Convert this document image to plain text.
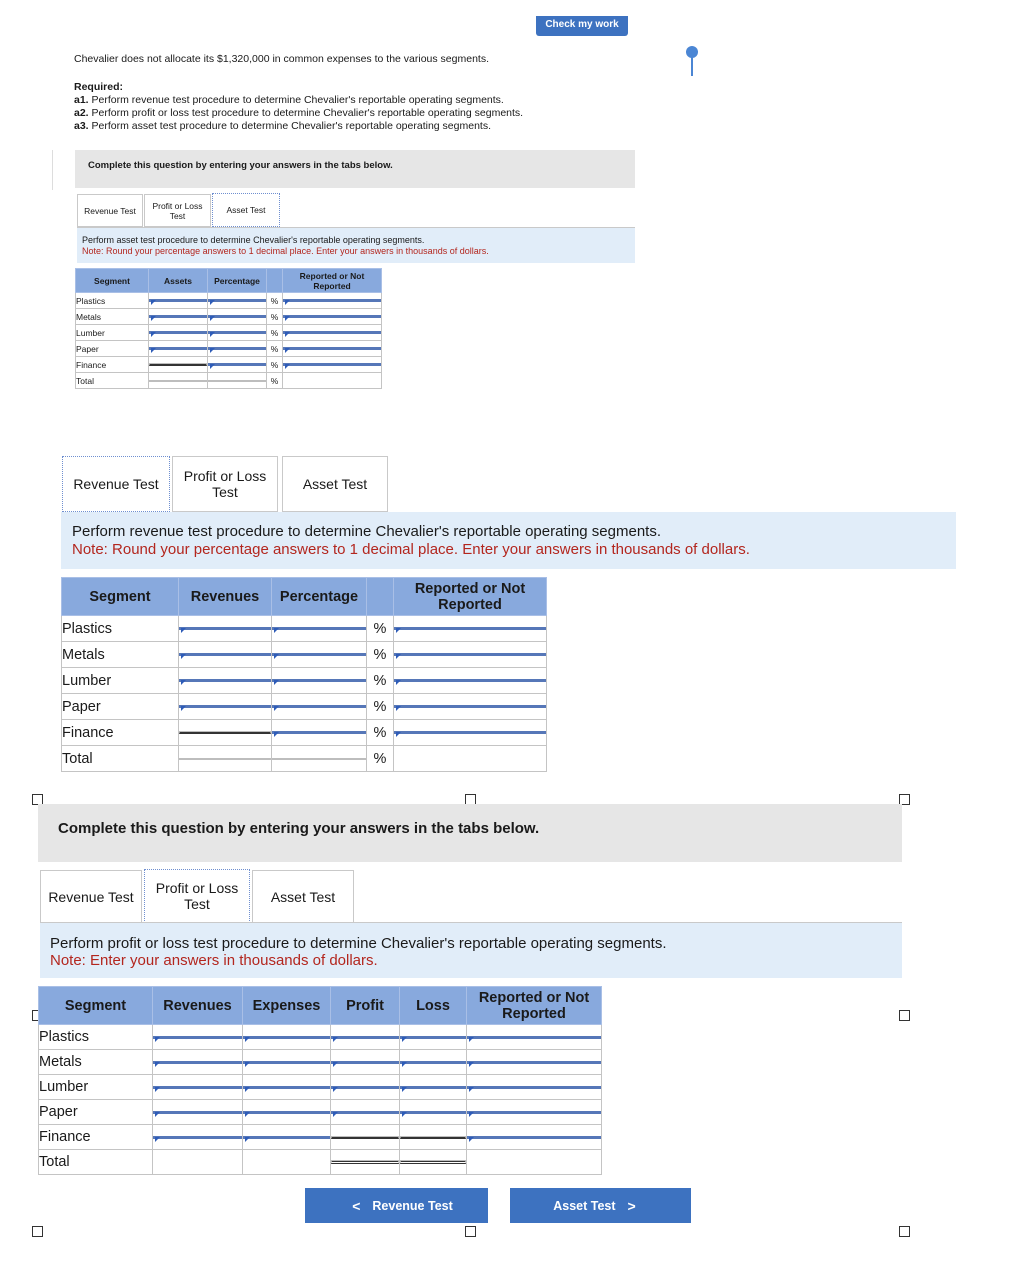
Check my work
Chevalier does not allocate its $1,320,000 in common expenses to the various segments.
Required:
a1. Perform revenue test procedure to determine Chevalier's reportable operating segments.
a2. Perform profit or loss test procedure to determine Chevalier's reportable operating segments.
a3. Perform asset test procedure to determine Chevalier's reportable operating segments.
Complete this question by entering your answers in the tabs below.
Revenue Test	Profit or Loss
Test
Asset Test
Perform asset test procedure to determine Chevalier's reportable operating segments.
Note: Round your percentage answers to 1 decimal place. Enter your answers in thousands of dollars.
Segment	Assets	Percentage		Reported or Not Reported
Plastics			%	

Metals			%	

Lumber			%	

Paper			%	

Finance			%	

Total			%	
Revenue Test	Profit or Loss
Test	Asset Test
Perform revenue test procedure to determine Chevalier's reportable operating segments.
Note: Round your percentage answers to 1 decimal place. Enter your answers in thousands of dollars.
Segment	Revenues	Percentage		Reported or Not Reported
Plastics			%	

Metals			%	

Lumber			%	

Paper			%	

Finance			%	

Total			%	
Complete this question by entering your answers in the tabs below.
Revenue Test
Profit or Loss
Test	Asset Test
Perform profit or loss test procedure to determine Chevalier's reportable operating segments.
Note: Enter your answers in thousands of dollars.
Segment	Revenues	Expenses	Profit	Loss	Reported or Not Reported
Plastics	

Metals	

Lumber	

Paper	

Finance	

Total			

< Revenue Test	Asset Test >
